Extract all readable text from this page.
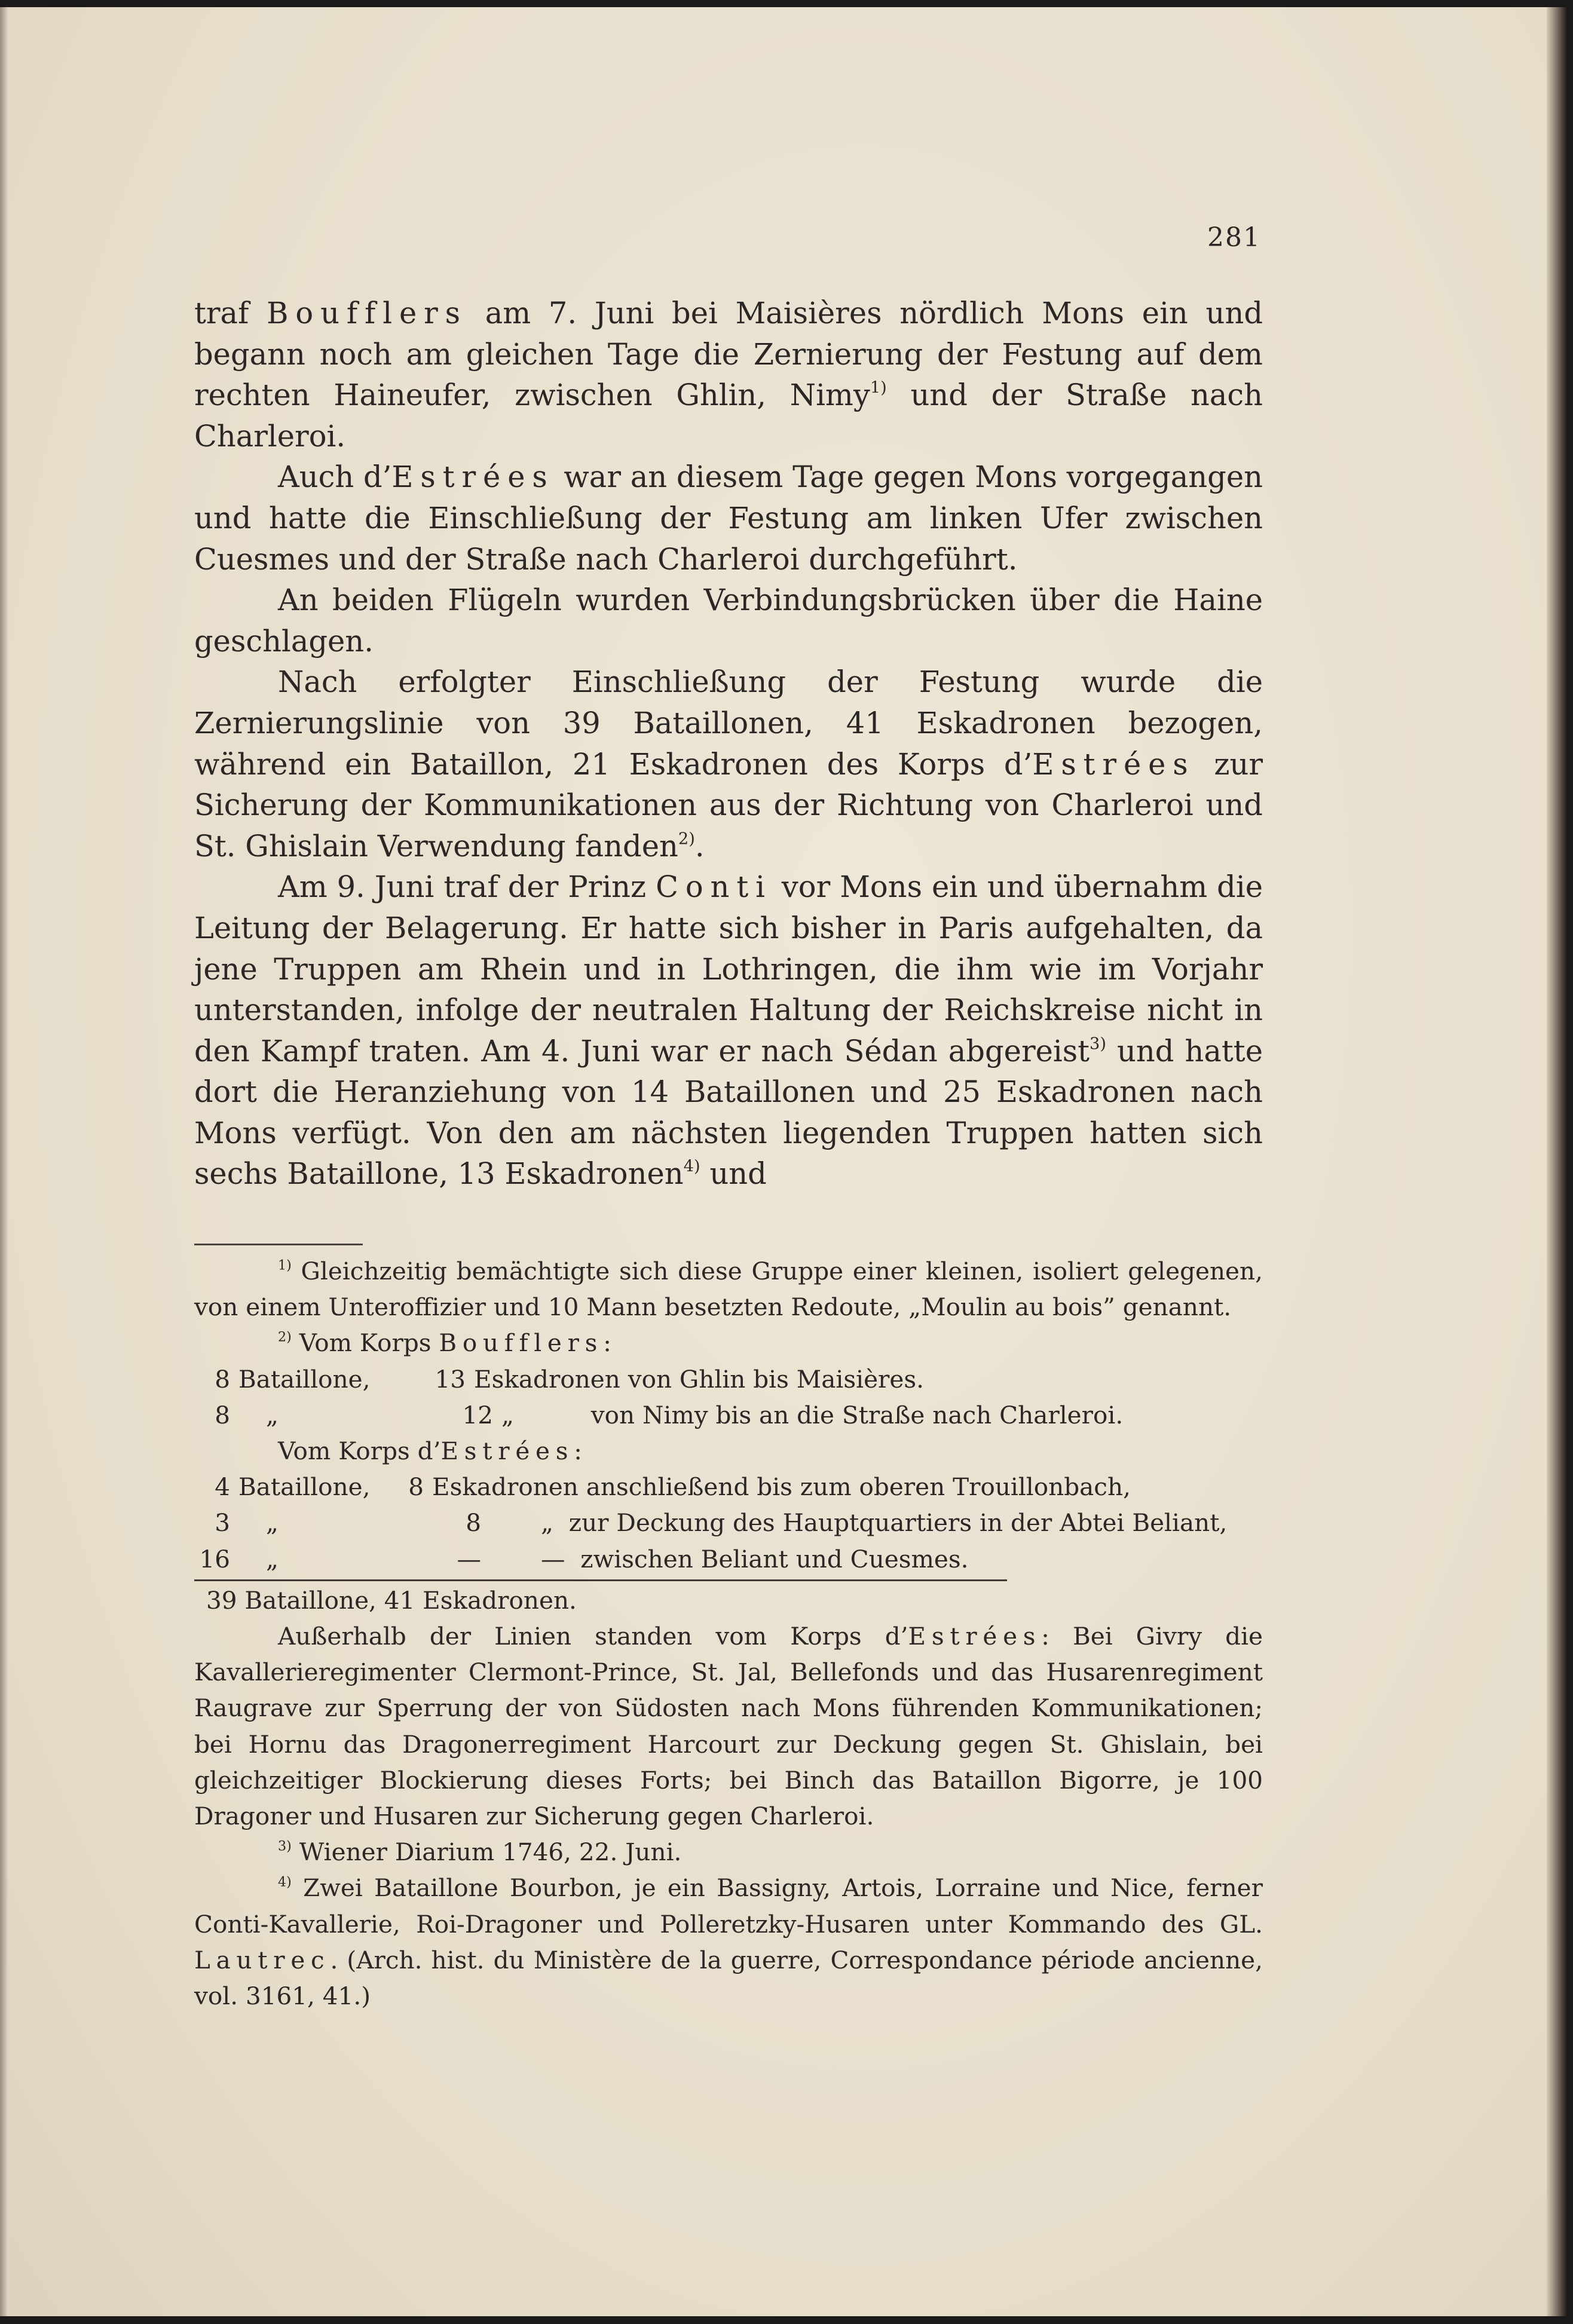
281

traf Boufflers am 7. Juni bei Maisières nördlich Mons ein und begann noch am gleichen Tage die Zernierung der Festung auf dem rechten Haineufer, zwischen Ghlin, Nimy$^{1)}$ und der Straße nach Charleroi.

Auch d’Estrées war an diesem Tage gegen Mons vorgegangen und hatte die Einschließung der Festung am linken Ufer zwischen Cuesmes und der Straße nach Charleroi durchgeführt.

An beiden Flügeln wurden Verbindungsbrücken über die Haine geschlagen.

Nach erfolgter Einschließung der Festung wurde die Zernierungslinie von 39 Bataillonen, 41 Eskadronen bezogen, während ein Bataillon, 21 Eskadronen des Korps d’Estrées zur Sicherung der Kommunikationen aus der Richtung von Charleroi und St. Ghislain Verwendung fanden$^{2)}$.

Am 9. Juni traf der Prinz Conti vor Mons ein und übernahm die Leitung der Belagerung. Er hatte sich bisher in Paris aufgehalten, da jene Truppen am Rhein und in Lothringen, die ihm wie im Vorjahr unterstanden, infolge der neutralen Haltung der Reichskreise nicht in den Kampf traten. Am 4. Juni war er nach Sédan abgereist$^{3)}$ und hatte dort die Heranziehung von 14 Bataillonen und 25 Eskadronen nach Mons verfügt. Von den am nächsten liegenden Truppen hatten sich sechs Bataillone, 13 Eskadronen$^{4)}$ und

$^{1)}$ Gleichzeitig bemächtigte sich diese Gruppe einer kleinen, isoliert gelegenen, von einem Unteroffizier und 10 Mann besetzten Redoute, „Moulin au bois” genannt.

$^{2)}$ Vom Korps Boufflers:

8 Bataillone,	13 Eskadronen von Ghlin bis Maisières.
8	„	12 „          von Nimy bis an die Straße nach Charleroi.

Vom Korps d’Estrées:

4 Bataillone,	8 Eskadronen anschließend bis zum oberen Trouillonbach,
3	„	8	„  zur Deckung des Hauptquartiers in der Abtei Beliant,
16	„	—	—  zwischen Beliant und Cuesmes.

39 Bataillone, 41 Eskadronen.

Außerhalb der Linien standen vom Korps d’Estrées: Bei Givry die Kavallerieregimenter Clermont-Prince, St. Jal, Bellefonds und das Husarenregiment Raugrave zur Sperrung der von Südosten nach Mons führenden Kommunikationen; bei Hornu das Dragonerregiment Harcourt zur Deckung gegen St. Ghislain, bei gleichzeitiger Blockierung dieses Forts; bei Binch das Bataillon Bigorre, je 100 Dragoner und Husaren zur Sicherung gegen Charleroi.

$^{3)}$ Wiener Diarium 1746, 22. Juni.

$^{4)}$ Zwei Bataillone Bourbon, je ein Bassigny, Artois, Lorraine und Nice, ferner Conti-Kavallerie, Roi-Dragoner und Polleretzky-Husaren unter Kommando des GL. Lautrec. (Arch. hist. du Ministère de la guerre, Correspondance période ancienne, vol. 3161, 41.)
